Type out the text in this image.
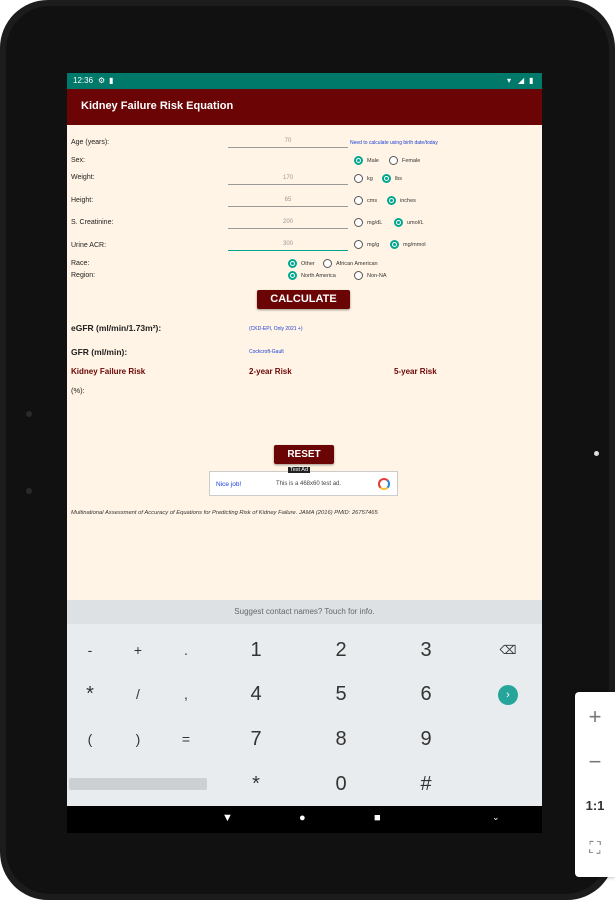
12:36 ⚙ ▮	▾ ◢ ▮
Kidney Failure Risk Equation
Age (years):	70	Need to calculate using birth date/today
Sex:	Male	Female
Weight:	170	kg	lbs
Height:	65	cms	inches
S. Creatinine:	200	mg/dL	umol/L
Urine ACR:	300	mg/g	mg/mmol
Race:	Other	African American
Region:	North America	Non-NA
CALCULATE
eGFR (ml/min/1.73m²):	(CKD-EPI, Only 2021 +)
GFR (ml/min):	Cockcroft-Gault
Kidney Failure Risk	2-year Risk	5-year Risk
(%):
RESET
Test Ad
Nice job!	This is a 468x60 test ad.
Multinational Assessment of Accuracy of Equations for Predicting Risk of Kidney Failure. JAMA (2016) PMID: 26757465
Suggest contact names? Touch for info.
-	+	.	1	2	3	⌫
*	/	,	4	5	6	›
(	)	=	7	8	9
*	0	#
▼	●	■	⌄
+
−
1:1
⛶
